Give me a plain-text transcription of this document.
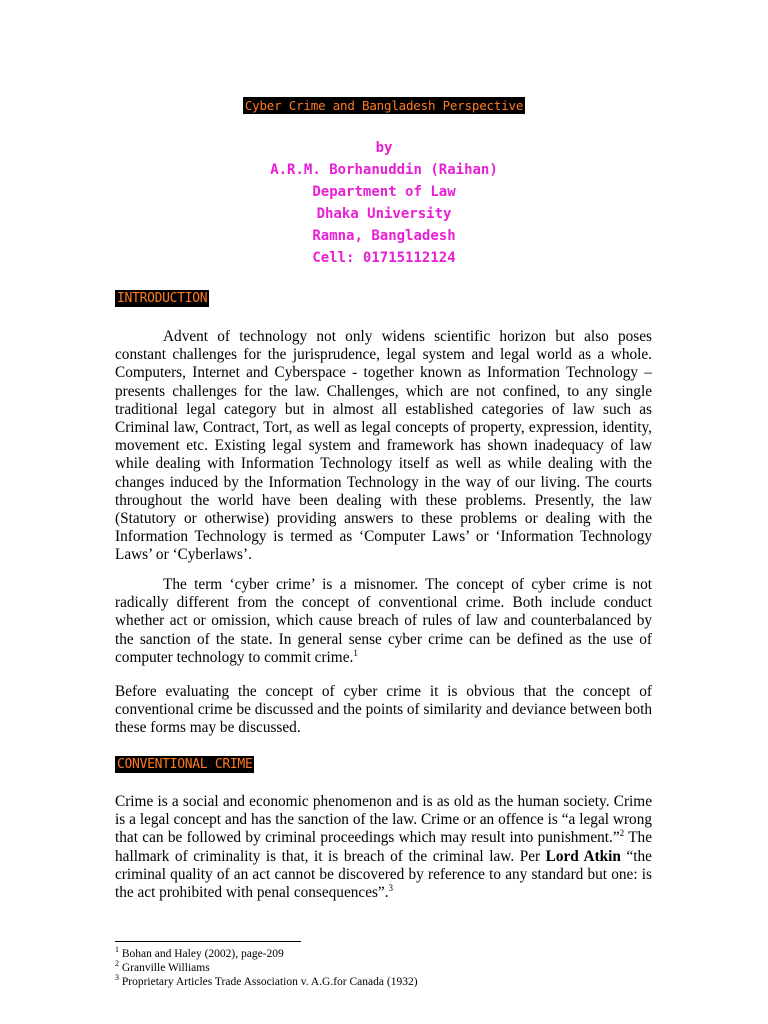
Cyber Crime and Bangladesh Perspective
by
A.R.M. Borhanuddin (Raihan)
Department of Law
Dhaka University
Ramna, Bangladesh
Cell: 01715112124
INTRODUCTION

Advent of technology not only widens scientific horizon but also poses constant challenges for the jurisprudence, legal system and legal world as a whole. Computers, Internet and Cyberspace - together known as Information Technology – presents challenges for the law. Challenges, which are not confined, to any single traditional legal category but in almost all established categories of law such as Criminal law, Contract, Tort, as well as legal concepts of property, expression, identity, movement etc. Existing legal system and framework has shown inadequacy of law while dealing with Information Technology itself as well as while dealing with the changes induced by the Information Technology in the way of our living. The courts throughout the world have been dealing with these problems. Presently, the law (Statutory or otherwise) providing answers to these problems or dealing with the Information Technology is termed as ‘Computer Laws’ or ‘Information Technology Laws’ or ‘Cyberlaws’.

The term ‘cyber crime’ is a misnomer. The concept of cyber crime is not radically different from the concept of conventional crime. Both include conduct whether act or omission, which cause breach of rules of law and counterbalanced by the sanction of the state. In general sense cyber crime can be defined as the use of computer technology to commit crime.$^1$

Before evaluating the concept of cyber crime it is obvious that the concept of conventional crime be discussed and the points of similarity and deviance between both these forms may be discussed.

CONVENTIONAL CRIME

Crime is a social and economic phenomenon and is as old as the human society. Crime is a legal concept and has the sanction of the law. Crime or an offence is “a legal wrong that can be followed by criminal proceedings which may result into punishment.”$^2$ The hallmark of criminality is that, it is breach of the criminal law. Per Lord Atkin “the criminal quality of an act cannot be discovered by reference to any standard but one: is the act prohibited with penal consequences”.$^3$

$^1$ Bohan and Haley (2002), page-209
$^2$ Granville Williams
$^3$ Proprietary Articles Trade Association v. A.G.for Canada (1932)
